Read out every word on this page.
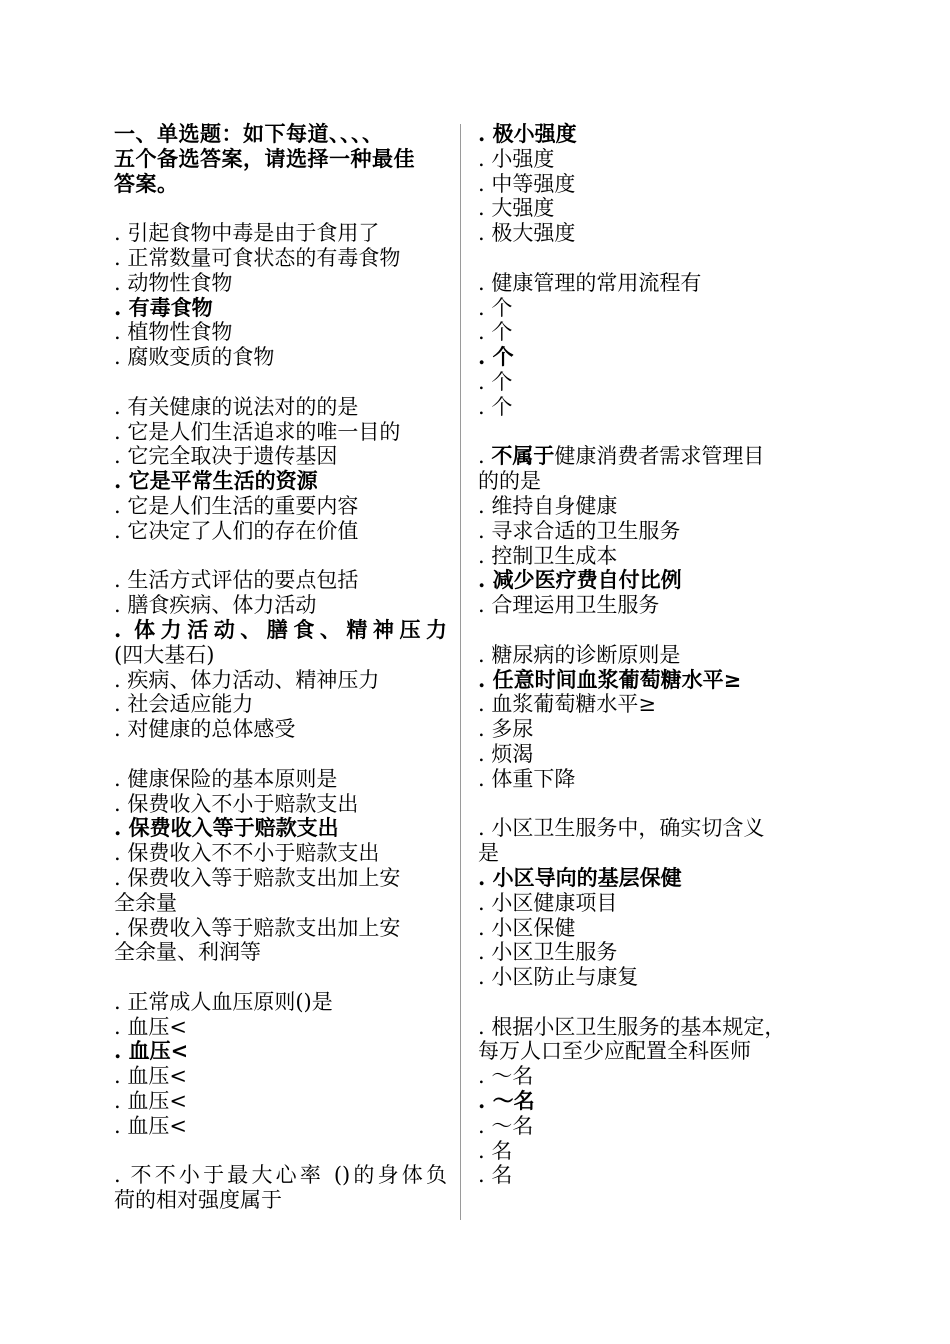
一、单选题：如下每道、、、、
五个备选答案，请选择一种最佳
答案。
. 引起食物中毒是由于食用了
. 正常数量可食状态的有毒食物
. 动物性食物
. 有毒食物
. 植物性食物
. 腐败变质的食物
. 有关健康的说法对的的是
. 它是人们生活追求的唯一目的
. 它完全取决于遗传基因
. 它是平常生活的资源
. 它是人们生活的重要内容
. 它决定了人们的存在价值
. 生活方式评估的要点包括
. 膳食疾病、体力活动
. 体力活动、膳食、精神压力
(四大基石)
. 疾病、体力活动、精神压力
. 社会适应能力
. 对健康的总体感受
. 健康保险的基本原则是
. 保费收入不小于赔款支出
. 保费收入等于赔款支出
. 保费收入不不小于赔款支出
. 保费收入等于赔款支出加上安
全余量
. 保费收入等于赔款支出加上安
全余量、利润等
. 正常成人血压原则()是
. 血压<
. 血压<
. 血压<
. 血压<
. 血压<
. 不不小于最大心率 ()的身体负
荷的相对强度属于
. 极小强度
. 小强度
. 中等强度
. 大强度
. 极大强度
. 健康管理的常用流程有
. 个
. 个
. 个
. 个
. 个
. 不属于健康消费者需求管理目
的的是
. 维持自身健康
. 寻求合适的卫生服务
. 控制卫生成本
. 减少医疗费自付比例
. 合理运用卫生服务
. 糖尿病的诊断原则是
. 任意时间血浆葡萄糖水平≥
. 血浆葡萄糖水平≥
. 多尿
. 烦渴
. 体重下降
. 小区卫生服务中，确实切含义
是
. 小区导向的基层保健
. 小区健康项目
. 小区保健
. 小区卫生服务
. 小区防止与康复
. 根据小区卫生服务的基本规定，
每万人口至少应配置全科医师
. ～名
. ～名
. ～名
. 名
. 名
